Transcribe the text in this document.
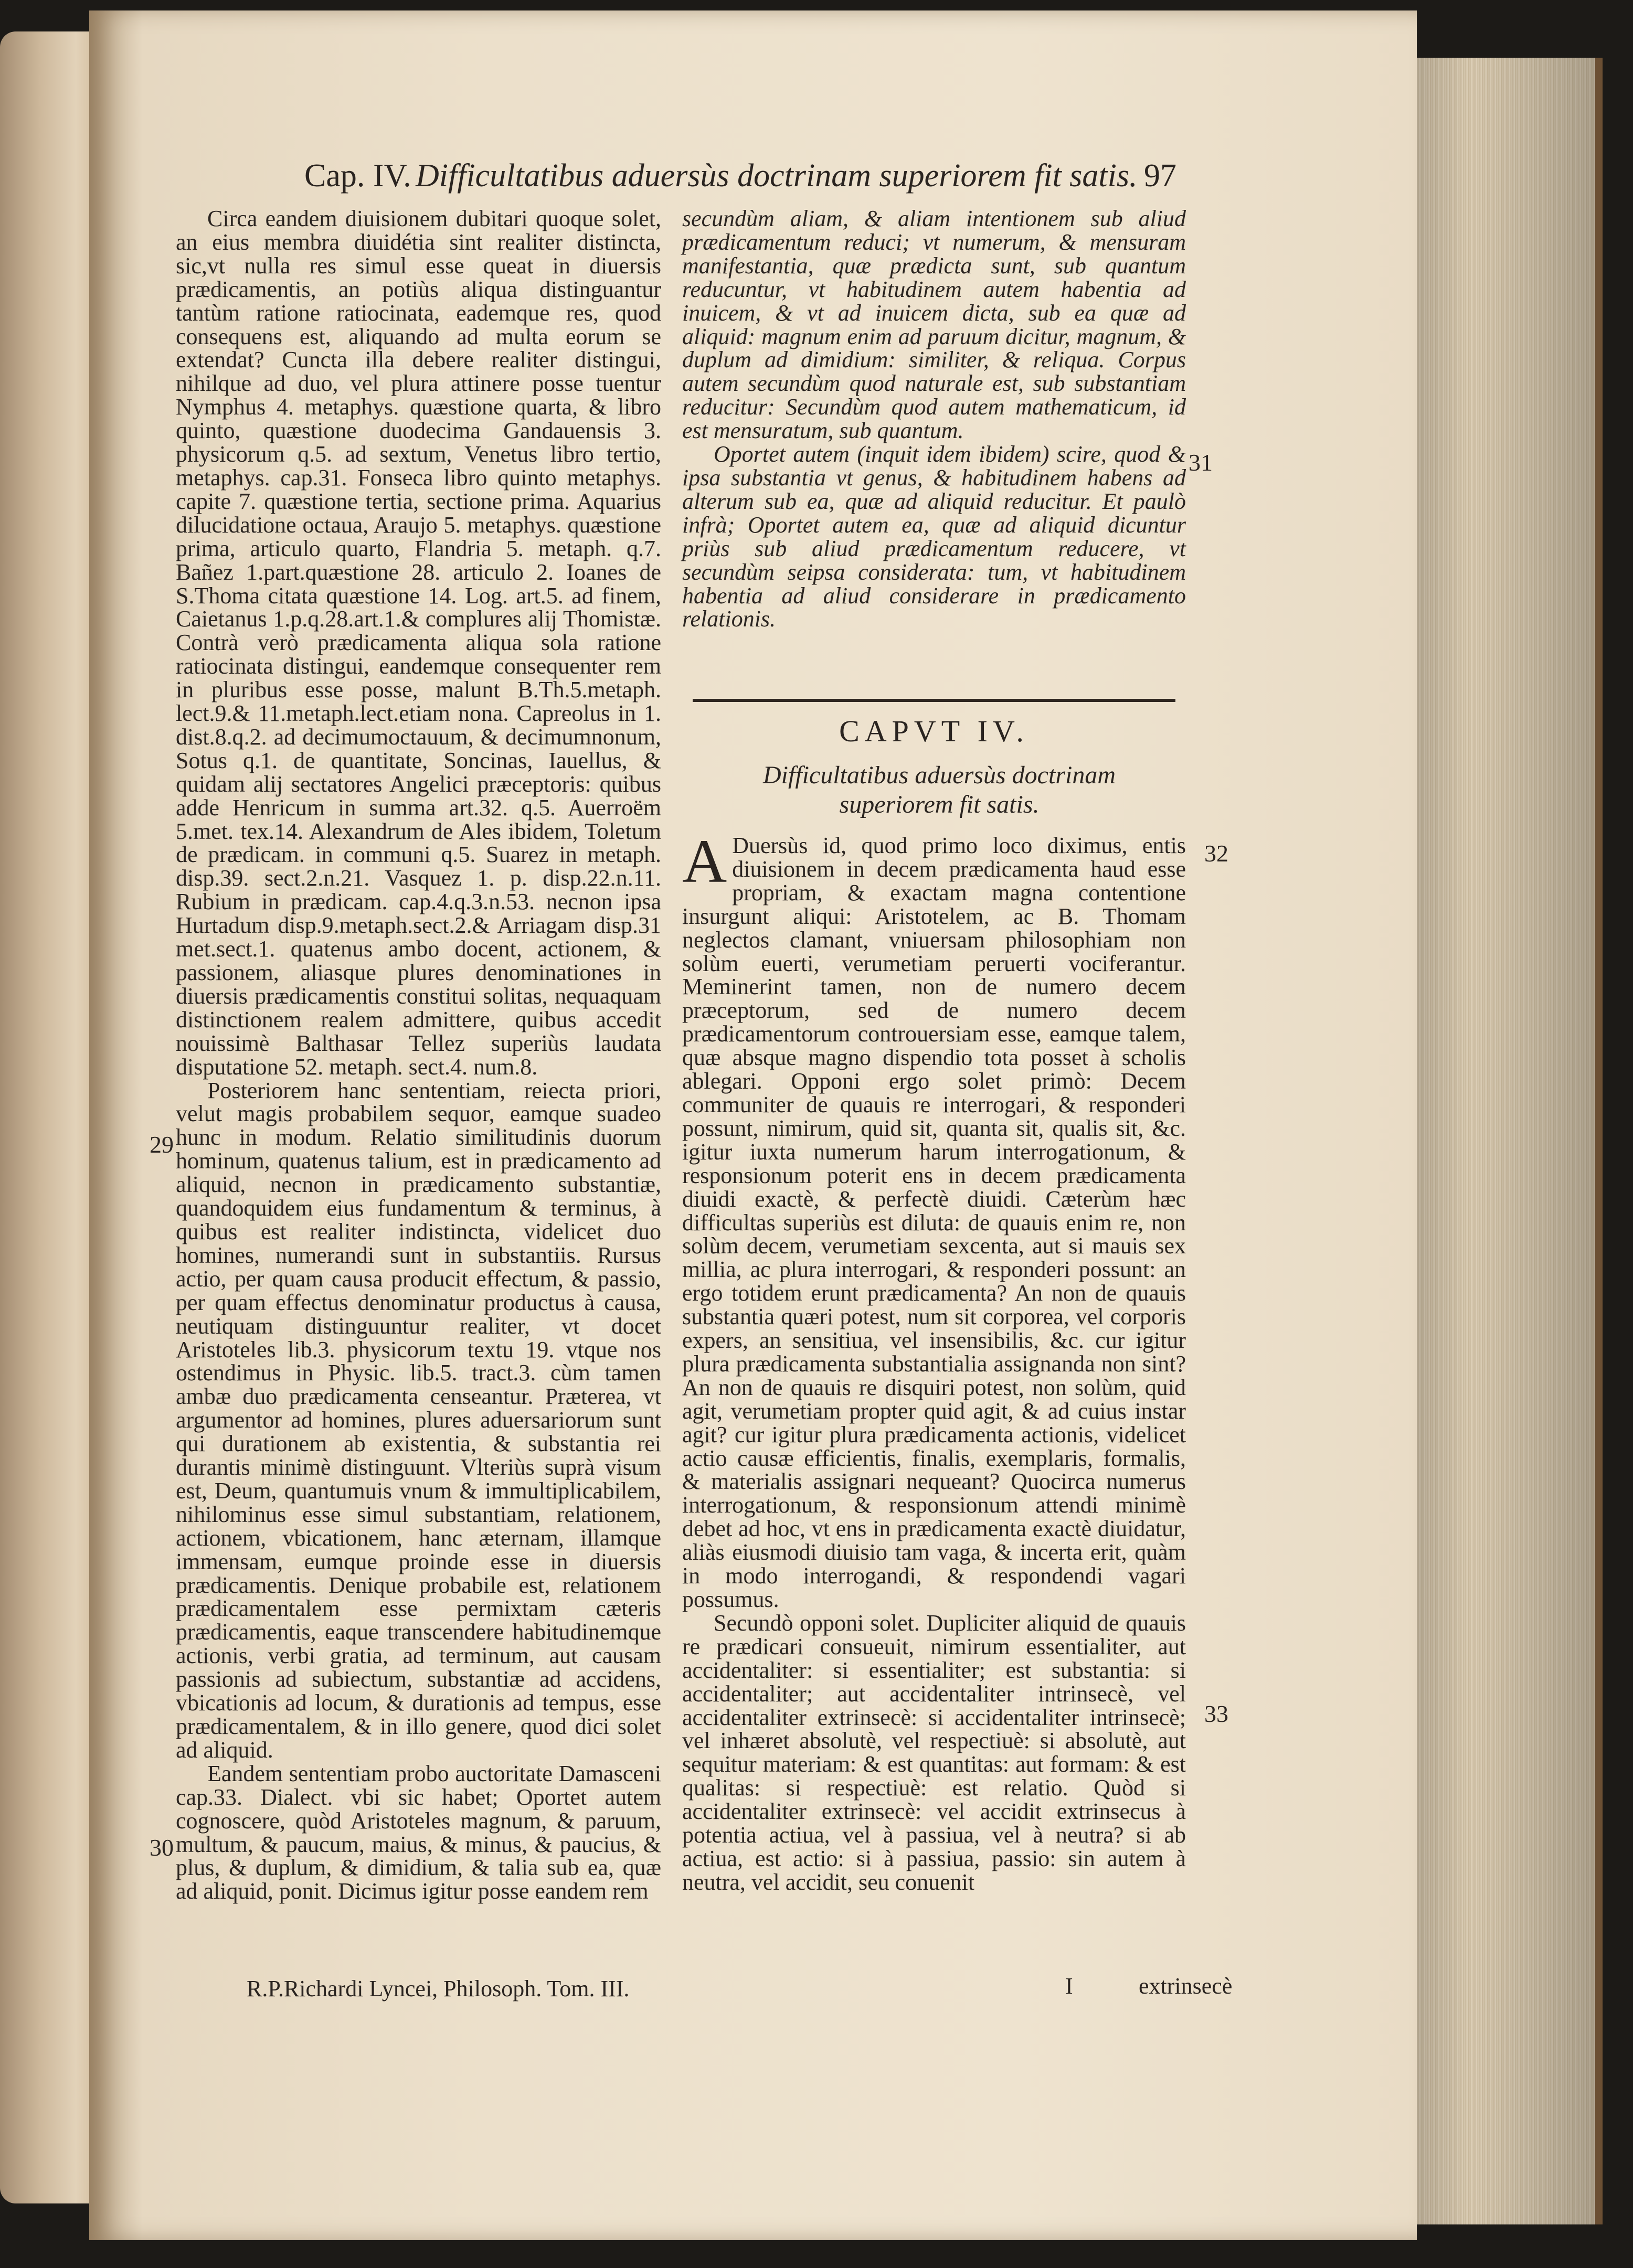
Cap. IV. Difficultatibus aduersùs doctrinam superiorem fit satis. 97

Circa eandem diuisionem dubitari quoque solet, an eius membra diuidétia sint realiter distincta, sic,vt nulla res simul esse queat in diuersis prædicamentis, an potiùs aliqua distinguantur tantùm ratione ratiocinata, eademque res, quod consequens est, aliquando ad multa eorum se extendat? Cuncta illa debere realiter distingui, nihilque ad duo, vel plura attinere posse tuentur Nymphus 4. metaphys. quæstione quarta, & libro quinto, quæstione duodecima Gandauensis 3. physicorum q.5. ad sextum, Venetus libro tertio, metaphys. cap.31. Fonseca libro quinto metaphys. capite 7. quæstione tertia, sectione prima. Aquarius dilucidatione octaua, Araujo 5. metaphys. quæstione prima, articulo quarto, Flandria 5. metaph. q.7. Bañez 1.part.quæstione 28. articulo 2. Ioanes de S.Thoma citata quæstione 14. Log. art.5. ad finem, Caietanus 1.p.q.28.art.1.& complures alij Thomistæ. Contrà verò prædicamenta aliqua sola ratione ratiocinata distingui, eandemque consequenter rem in pluribus esse posse, malunt B.Th.5.metaph. lect.9.& 11.metaph.lect.etiam nona. Capreolus in 1. dist.8.q.2. ad decimumoctauum, & decimumnonum, Sotus q.1. de quantitate, Soncinas, Iauellus, & quidam alij sectatores Angelici præceptoris: quibus adde Henricum in summa art.32. q.5. Auerroëm 5.met. tex.14. Alexandrum de Ales ibidem, Toletum de prædicam. in communi q.5. Suarez in metaph. disp.39. sect.2.n.21. Vasquez 1. p. disp.22.n.11. Rubium in prædicam. cap.4.q.3.n.53. necnon ipsa Hurtadum disp.9.metaph.sect.2.& Arriagam disp.31 met.sect.1. quatenus ambo docent, actionem, & passionem, aliasque plures denominationes in diuersis prædicamentis constitui solitas, nequaquam distinctionem realem admittere, quibus accedit nouissimè Balthasar Tellez superiùs laudata disputatione 52. metaph. sect.4. num.8.

Posteriorem hanc sententiam, reiecta priori, velut magis probabilem sequor, eamque suadeo hunc in modum. Relatio similitudinis duorum hominum, quatenus talium, est in prædicamento ad aliquid, necnon in prædicamento substantiæ, quandoquidem eius fundamentum & terminus, à quibus est realiter indistincta, videlicet duo homines, numerandi sunt in substantiis. Rursus actio, per quam causa producit effectum, & passio, per quam effectus denominatur productus à causa, neutiquam distinguuntur realiter, vt docet Aristoteles lib.3. physicorum textu 19. vtque nos ostendimus in Physic. lib.5. tract.3. cùm tamen ambæ duo prædicamenta censeantur. Præterea, vt argumentor ad homines, plures aduersariorum sunt qui durationem ab existentia, & substantia rei durantis minimè distinguunt. Vlteriùs suprà visum est, Deum, quantumuis vnum & immultiplicabilem, nihilominus esse simul substantiam, relationem, actionem, vbicationem, hanc æternam, illamque immensam, eumque proinde esse in diuersis prædicamentis. Denique probabile est, relationem prædicamentalem esse permixtam cæteris prædicamentis, eaque transcendere habitudinemque actionis, verbi gratia, ad terminum, aut causam passionis ad subiectum, substantiæ ad accidens, vbicationis ad locum, & durationis ad tempus, esse prædicamentalem, & in illo genere, quod dici solet ad aliquid.

Eandem sententiam probo auctoritate Damasceni cap.33. Dialect. vbi sic habet; Oportet autem cognoscere, quòd Aristoteles magnum, & paruum, multum, & paucum, maius, & minus, & paucius, & plus, & duplum, & dimidium, & talia sub ea, quæ ad aliquid, ponit. Dicimus igitur posse eandem rem

R.P.Richardi Lyncei, Philosoph. Tom. III.

secundùm aliam, & aliam intentionem sub aliud prædicamentum reduci; vt numerum, & mensuram manifestantia, quæ prædicta sunt, sub quantum reducuntur, vt habitudinem autem habentia ad inuicem, & vt ad inuicem dicta, sub ea quæ ad aliquid: magnum enim ad paruum dicitur, magnum, & duplum ad dimidium: similiter, & reliqua. Corpus autem secundùm quod naturale est, sub substantiam reducitur: Secundùm quod autem mathematicum, id est mensuratum, sub quantum.

Oportet autem (inquit idem ibidem) scire, quod & ipsa substantia vt genus, & habitudinem habens ad alterum sub ea, quæ ad aliquid reducitur. Et paulò infrà; Oportet autem ea, quæ ad aliquid dicuntur priùs sub aliud prædicamentum reducere, vt secundùm seipsa considerata: tum, vt habitudinem habentia ad aliud considerare in prædicamento relationis.

CAPVT IV.
Difficultatibus aduersùs doctrinam superiorem fit satis.

A Duersùs id, quod primo loco diximus, entis diuisionem in decem prædicamenta haud esse propriam, & exactam magna contentione insurgunt aliqui: Aristotelem, ac B. Thomam neglectos clamant, vniuersam philosophiam non solùm euerti, verumetiam peruerti vociferantur. Meminerint tamen, non de numero decem præceptorum, sed de numero decem prædicamentorum controuersiam esse, eamque talem, quæ absque magno dispendio tota posset à scholis ablegari. Opponi ergo solet primò: Decem communiter de quauis re interrogari, & responderi possunt, nimirum, quid sit, quanta sit, qualis sit, &c. igitur iuxta numerum harum interrogationum, & responsionum poterit ens in decem prædicamenta diuidi exactè, & perfectè diuidi. Cæterùm hæc difficultas superiùs est diluta: de quauis enim re, non solùm decem, verumetiam sexcenta, aut si mauis sex millia, ac plura interrogari, & responderi possunt: an ergo totidem erunt prædicamenta? An non de quauis substantia quæri potest, num sit corporea, vel corporis expers, an sensitiua, vel insensibilis, &c. cur igitur plura prædicamenta substantialia assignanda non sint? An non de quauis re disquiri potest, non solùm, quid agit, verumetiam propter quid agit, & ad cuius instar agit? cur igitur plura prædicamenta actionis, videlicet actio causæ efficientis, finalis, exemplaris, formalis, & materialis assignari nequeant? Quocirca numerus interrogationum, & responsionum attendi minimè debet ad hoc, vt ens in prædicamenta exactè diuidatur, aliàs eiusmodi diuisio tam vaga, & incerta erit, quàm in modo interrogandi, & respondendi vagari possumus.

Secundò opponi solet. Dupliciter aliquid de quauis re prædicari consueuit, nimirum essentialiter, aut accidentaliter: si essentialiter; est substantia: si accidentaliter; aut accidentaliter intrinsecè, vel accidentaliter extrinsecè: si accidentaliter intrinsecè; vel inhæret absolutè, vel respectiuè: si absolutè, aut sequitur materiam: & est quantitas: aut formam: & est qualitas: si respectiuè: est relatio. Quòd si accidentaliter extrinsecè: vel accidit extrinsecus à potentia actiua, vel à passiua, vel à neutra? si ab actiua, est actio: si à passiua, passio: sin autem à neutra, vel accidit, seu conuenit

I	extrinsecè
29
30
31
32
33
